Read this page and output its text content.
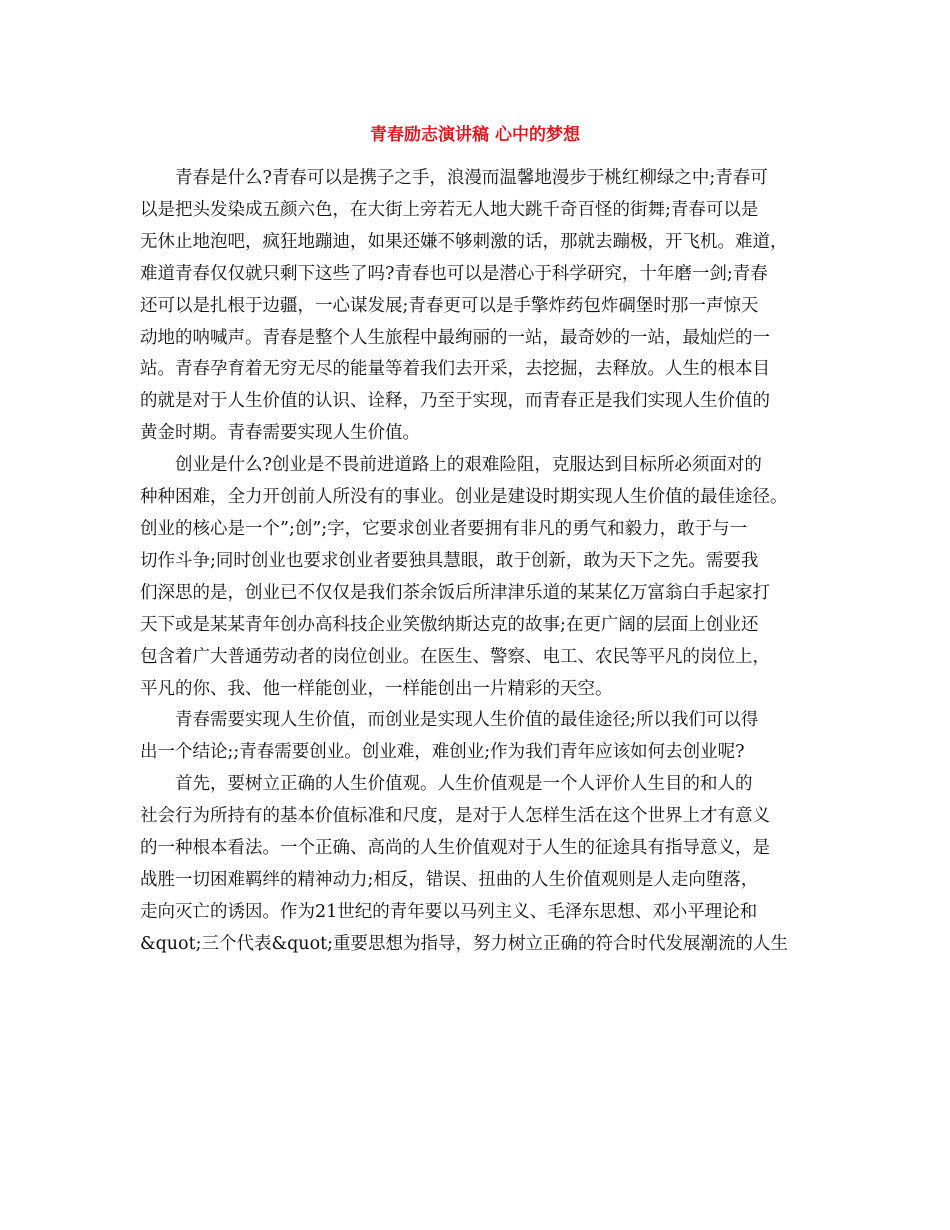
青春励志演讲稿 心中的梦想

青春是什么?青春可以是携子之手，浪漫而温馨地漫步于桃红柳绿之中;青春可
以是把头发染成五颜六色，在大街上旁若无人地大跳千奇百怪的街舞;青春可以是
无休止地泡吧，疯狂地蹦迪，如果还嫌不够刺激的话，那就去蹦极，开飞机。难道，
难道青春仅仅就只剩下这些了吗?青春也可以是潜心于科学研究，十年磨一剑;青春
还可以是扎根于边疆，一心谋发展;青春更可以是手擎炸药包炸碉堡时那一声惊天
动地的呐喊声。青春是整个人生旅程中最绚丽的一站，最奇妙的一站，最灿烂的一
站。青春孕育着无穷无尽的能量等着我们去开采，去挖掘，去释放。人生的根本目
的就是对于人生价值的认识、诠释，乃至于实现，而青春正是我们实现人生价值的
黄金时期。青春需要实现人生价值。

创业是什么?创业是不畏前进道路上的艰难险阻，克服达到目标所必须面对的
种种困难，全力开创前人所没有的事业。创业是建设时期实现人生价值的最佳途径。
创业的核心是一个”;创”;字，它要求创业者要拥有非凡的勇气和毅力，敢于与一
切作斗争;同时创业也要求创业者要独具慧眼，敢于创新，敢为天下之先。需要我
们深思的是，创业已不仅仅是我们茶余饭后所津津乐道的某某亿万富翁白手起家打
天下或是某某青年创办高科技企业笑傲纳斯达克的故事;在更广阔的层面上创业还
包含着广大普通劳动者的岗位创业。在医生、警察、电工、农民等平凡的岗位上，
平凡的你、我、他一样能创业，一样能创出一片精彩的天空。

青春需要实现人生价值，而创业是实现人生价值的最佳途径;所以我们可以得
出一个结论;;青春需要创业。创业难，难创业;作为我们青年应该如何去创业呢?

首先，要树立正确的人生价值观。人生价值观是一个人评价人生目的和人的
社会行为所持有的基本价值标准和尺度，是对于人怎样生活在这个世界上才有意义
的一种根本看法。一个正确、高尚的人生价值观对于人生的征途具有指导意义，是
战胜一切困难羁绊的精神动力;相反，错误、扭曲的人生价值观则是人走向堕落，
走向灭亡的诱因。作为21世纪的青年要以马列主义、毛泽东思想、邓小平理论和
&quot;三个代表&quot;重要思想为指导，努力树立正确的符合时代发展潮流的人生
